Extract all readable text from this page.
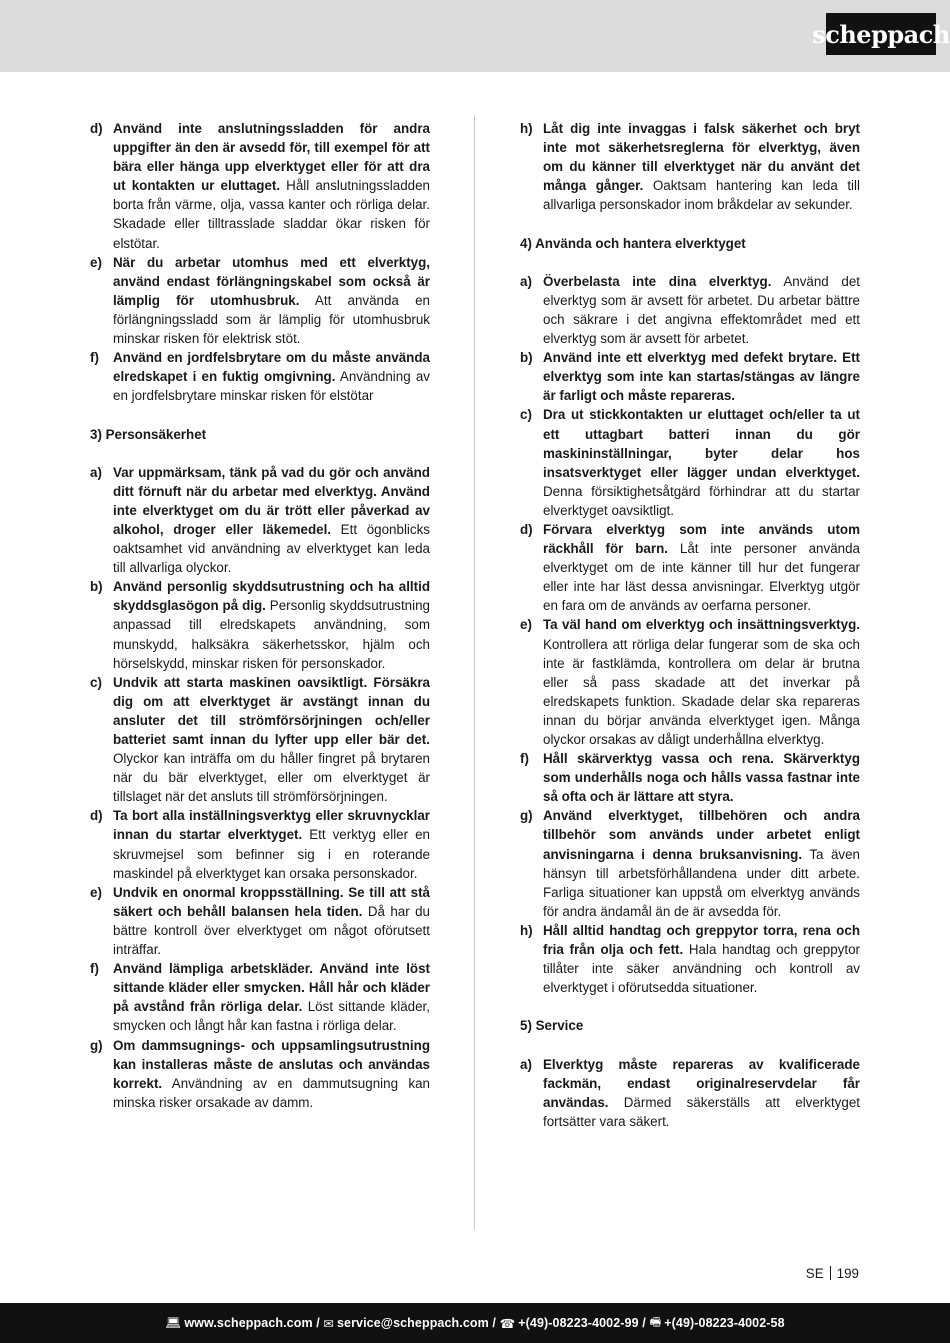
scheppach
d) Använd inte anslutningssladden för andra uppgifter än den är avsedd för, till exempel för att bära eller hänga upp elverktyget eller för att dra ut kontakten ur eluttaget. Håll anslutningssladden borta från värme, olja, vassa kanter och rörliga delar. Skadade eller tilltrasslade sladdar ökar risken för elstötar.
e) När du arbetar utomhus med ett elverktyg, använd endast förlängningskabel som också är lämplig för utomhusbruk. Att använda en förlängningssladd som är lämplig för utomhusbruk minskar risken för elektrisk stöt.
f)	Använd en jordfelsbrytare om du måste använda elredskapet i en fuktig omgivning. Användning av en jordfelsbrytare minskar risken för elstötar
3) Personsäkerhet
a) Var uppmärksam, tänk på vad du gör och använd ditt förnuft när du arbetar med elverktyg. Använd inte elverktyget om du är trött eller påverkad av alkohol, droger eller läkemedel. Ett ögonblicks oaktsamhet vid användning av elverktyget kan leda till allvarliga olyckor.
b) Använd personlig skyddsutrustning och ha alltid skyddsglasögon på dig. Personlig skyddsutrustning anpassad till elredskapets användning, som munskydd, halksäkra säkerhetsskor, hjälm och hörselskydd, minskar risken för personskador.
c) Undvik att starta maskinen oavsiktligt. Försäkra dig om att elverktyget är avstängt innan du ansluter det till strömförsörjningen och/eller batteriet samt innan du lyfter upp eller bär det. Olyckor kan inträffa om du håller fingret på brytaren när du bär elverktyget, eller om elverktyget är tillslaget när det ansluts till strömförsörjningen.
d) Ta bort alla inställningsverktyg eller skruvnycklar innan du startar elverktyget. Ett verktyg eller en skruvmejsel som befinner sig i en roterande maskindel på elverktyget kan orsaka personskador.
e) Undvik en onormal kroppsställning. Se till att stå säkert och behåll balansen hela tiden. Då har du bättre kontroll över elverktyget om något oförutsett inträffar.
f)	Använd lämpliga arbetskläder. Använd inte löst sittande kläder eller smycken. Håll hår och kläder på avstånd från rörliga delar. Löst sittande kläder, smycken och långt hår kan fastna i rörliga delar.
g) Om dammsugnings- och uppsamlingsutrustning kan installeras måste de anslutas och användas korrekt. Användning av en dammutsugning kan minska risker orsakade av damm.
h) Låt dig inte invaggas i falsk säkerhet och bryt inte mot säkerhetsreglerna för elverktyg, även om du känner till elverktyget när du använt det många gånger. Oaktsam hantering kan leda till allvarliga personskador inom bråkdelar av sekunder.
4) Använda och hantera elverktyget
a) Överbelasta inte dina elverktyg. Använd det elverktyg som är avsett för arbetet. Du arbetar bättre och säkrare i det angivna effektområdet med ett elverktyg som är avsett för arbetet.
b) Använd inte ett elverktyg med defekt brytare. Ett elverktyg som inte kan startas/stängas av längre är farligt och måste repareras.
c) Dra ut stickkontakten ur eluttaget och/eller ta ut ett uttagbart batteri innan du gör maskininställningar, byter delar hos insatsverktyget eller lägger undan elverktyget. Denna försiktighetsåtgärd förhindrar att du startar elverktyget oavsiktligt.
d) Förvara elverktyg som inte används utom räckhåll för barn. Låt inte personer använda elverktyget om de inte känner till hur det fungerar eller inte har läst dessa anvisningar. Elverktyg utgör en fara om de används av oerfarna personer.
e) Ta väl hand om elverktyg och insättningsverktyg. Kontrollera att rörliga delar fungerar som de ska och inte är fastklämda, kontrollera om delar är brutna eller så pass skadade att det inverkar på elredskapets funktion. Skadade delar ska repareras innan du börjar använda elverktyget igen. Många olyckor orsakas av dåligt underhållna elverktyg.
f)	Håll skärverktyg vassa och rena. Skärverktyg som underhålls noga och hålls vassa fastnar inte så ofta och är lättare att styra.
g) Använd elverktyget, tillbehören och andra tillbehör som används under arbetet enligt anvisningarna i denna bruksanvisning. Ta även hänsyn till arbetsförhållandena under ditt arbete. Farliga situationer kan uppstå om elverktyg används för andra ändamål än de är avsedda för.
h) Håll alltid handtag och greppytor torra, rena och fria från olja och fett. Hala handtag och greppytor tillåter inte säker användning och kontroll av elverktyget i oförutsedda situationer.
5) Service
a) Elverktyg måste repareras av kvalificerade fackmän, endast originalreservdelar får användas. Därmed säkerställs att elverktyget fortsätter vara säkert.
SE 199
💻︎ www.scheppach.com / ✉︎ service@scheppach.com / ☎︎ +(49)-08223-4002-99 / 🖷︎ +(49)-08223-4002-58
